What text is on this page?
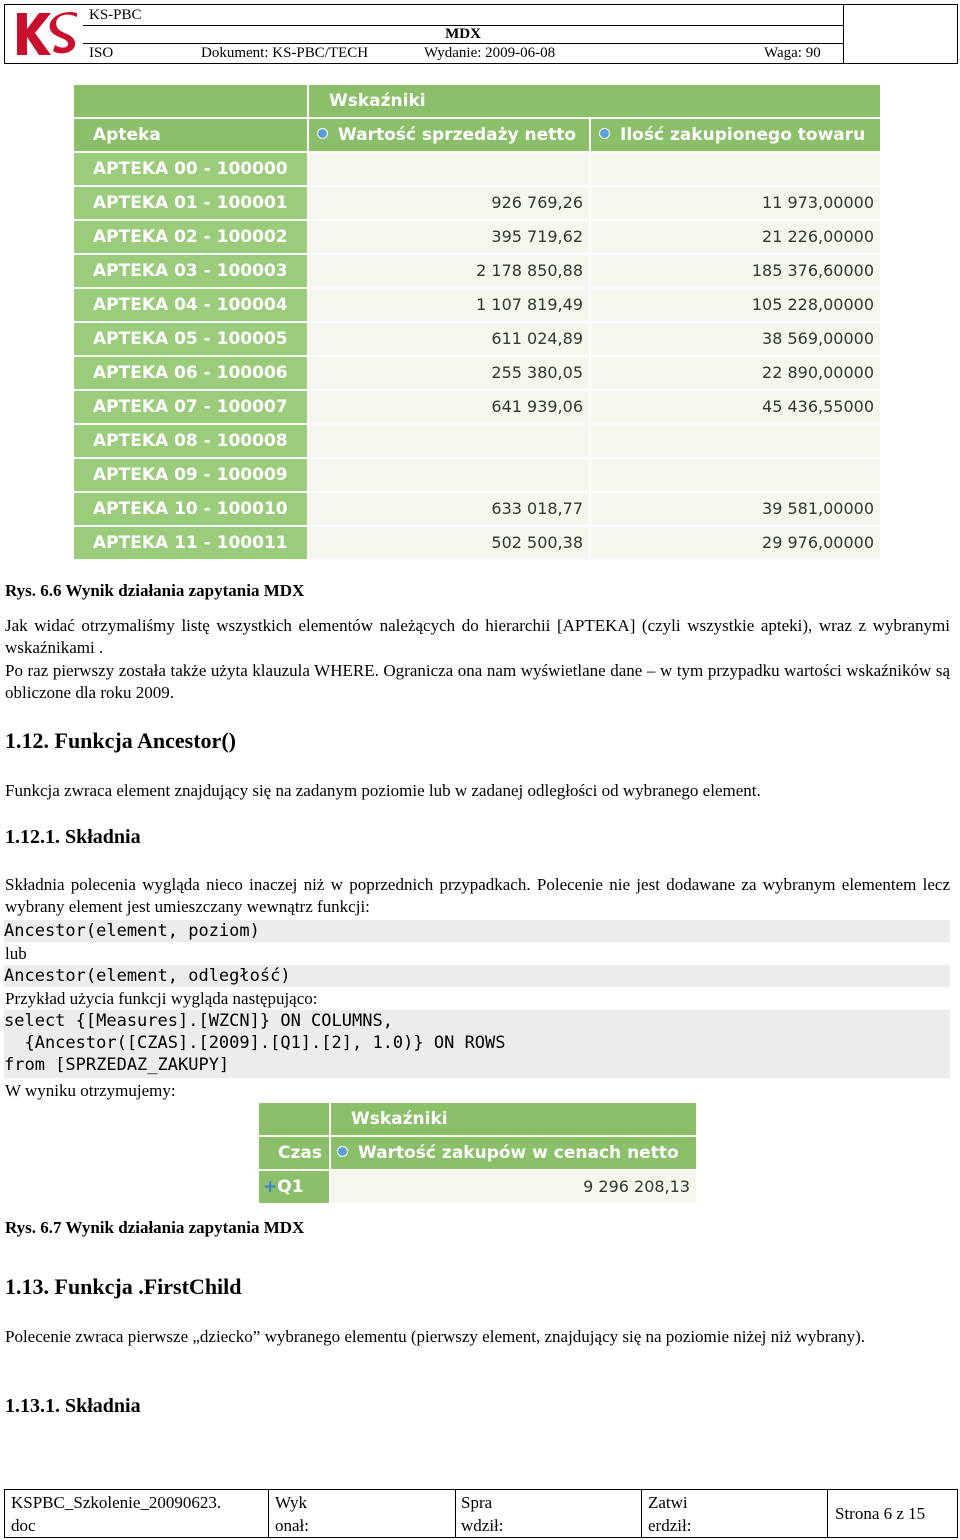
KS-PBC
MDX
ISO	Dokument: KS-PBC/TECH	Wydanie: 2009-06-08	Waga: 90
Wskaźniki
Apteka	Wartość sprzedaży netto	Ilość zakupionego towaru
APTEKA 00 - 100000
APTEKA 01 - 100001	926 769,26	11 973,00000
APTEKA 02 - 100002	395 719,62	21 226,00000
APTEKA 03 - 100003	2 178 850,88	185 376,60000
APTEKA 04 - 100004	1 107 819,49	105 228,00000
APTEKA 05 - 100005	611 024,89	38 569,00000
APTEKA 06 - 100006	255 380,05	22 890,00000
APTEKA 07 - 100007	641 939,06	45 436,55000
APTEKA 08 - 100008
APTEKA 09 - 100009
APTEKA 10 - 100010	633 018,77	39 581,00000
APTEKA 11 - 100011	502 500,38	29 976,00000
Rys. 6.6 Wynik działania zapytania MDX
Jak widać otrzymaliśmy listę wszystkich elementów należących do hierarchii [APTEKA] (czyli wszystkie apteki), wraz z wybranymi wskaźnikami .
Po raz pierwszy została także użyta klauzula WHERE. Ogranicza ona nam wyświetlane dane – w tym przypadku wartości wskaźników są obliczone dla roku 2009.
1.12. Funkcja Ancestor()
Funkcja zwraca element znajdujący się na zadanym poziomie lub w zadanej odległości od wybranego element.
1.12.1. Składnia
Składnia polecenia wygląda nieco inaczej niż w poprzednich przypadkach. Polecenie nie jest dodawane za wybranym elementem lecz wybrany element jest umieszczany wewnątrz funkcji:
Ancestor(element, poziom)
lub
Ancestor(element, odległość)
Przykład użycia funkcji wygląda następująco:
select {[Measures].[WZCN]} ON COLUMNS,
{Ancestor([CZAS].[2009].[Q1].[2], 1.0)} ON ROWS
from [SPRZEDAZ_ZAKUPY]
W wyniku otrzymujemy:
Wskaźniki
Czas	Wartość zakupów w cenach netto
+Q1	9 296 208,13
Rys. 6.7 Wynik działania zapytania MDX
1.13. Funkcja .FirstChild
Polecenie zwraca pierwsze „dziecko” wybranego elementu (pierwszy element, znajdujący się na poziomie niżej niż wybrany).
1.13.1. Składnia
KSPBC_Szkolenie_20090623.
doc
Wyk
onał:
Spra
wdził:
Zatwi
erdził:
Strona 6 z 15
